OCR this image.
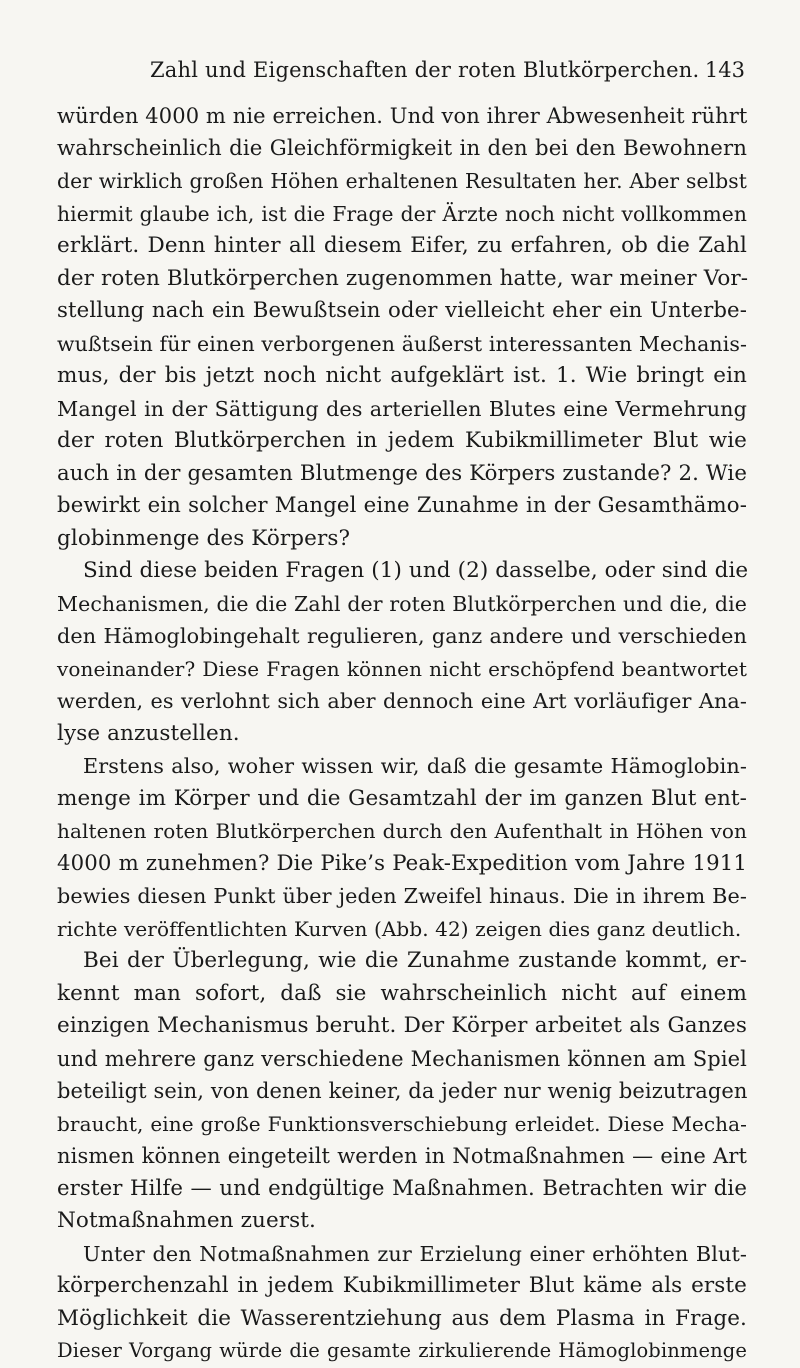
Zahl und Eigenschaften der roten Blutkörperchen. 143
würden 4000 m nie erreichen. Und von ihrer Abwesenheit rührt
wahrscheinlich die Gleichförmigkeit in den bei den Bewohnern
der wirklich großen Höhen erhaltenen Resultaten her. Aber selbst
hiermit glaube ich, ist die Frage der Ärzte noch nicht vollkommen
erklärt. Denn hinter all diesem Eifer, zu erfahren, ob die Zahl
der roten Blutkörperchen zugenommen hatte, war meiner Vor-
stellung nach ein Bewußtsein oder vielleicht eher ein Unterbe-
wußtsein für einen verborgenen äußerst interessanten Mechanis-
mus, der bis jetzt noch nicht aufgeklärt ist. 1. Wie bringt ein
Mangel in der Sättigung des arteriellen Blutes eine Vermehrung
der roten Blutkörperchen in jedem Kubikmillimeter Blut wie
auch in der gesamten Blutmenge des Körpers zustande? 2. Wie
bewirkt ein solcher Mangel eine Zunahme in der Gesamthämo-
globinmenge des Körpers?
Sind diese beiden Fragen (1) und (2) dasselbe, oder sind die
Mechanismen, die die Zahl der roten Blutkörperchen und die, die
den Hämoglobingehalt regulieren, ganz andere und verschieden
voneinander? Diese Fragen können nicht erschöpfend beantwortet
werden, es verlohnt sich aber dennoch eine Art vorläufiger Ana-
lyse anzustellen.
Erstens also, woher wissen wir, daß die gesamte Hämoglobin-
menge im Körper und die Gesamtzahl der im ganzen Blut ent-
haltenen roten Blutkörperchen durch den Aufenthalt in Höhen von
4000 m zunehmen? Die Pike’s Peak-Expedition vom Jahre 1911
bewies diesen Punkt über jeden Zweifel hinaus. Die in ihrem Be-
richte veröffentlichten Kurven (Abb. 42) zeigen dies ganz deutlich.
Bei der Überlegung, wie die Zunahme zustande kommt, er-
kennt man sofort, daß sie wahrscheinlich nicht auf einem
einzigen Mechanismus beruht. Der Körper arbeitet als Ganzes
und mehrere ganz verschiedene Mechanismen können am Spiel
beteiligt sein, von denen keiner, da jeder nur wenig beizutragen
braucht, eine große Funktionsverschiebung erleidet. Diese Mecha-
nismen können eingeteilt werden in Notmaßnahmen — eine Art
erster Hilfe — und endgültige Maßnahmen. Betrachten wir die
Notmaßnahmen zuerst.
Unter den Notmaßnahmen zur Erzielung einer erhöhten Blut-
körperchenzahl in jedem Kubikmillimeter Blut käme als erste
Möglichkeit die Wasserentziehung aus dem Plasma in Frage.
Dieser Vorgang würde die gesamte zirkulierende Hämoglobinmenge
